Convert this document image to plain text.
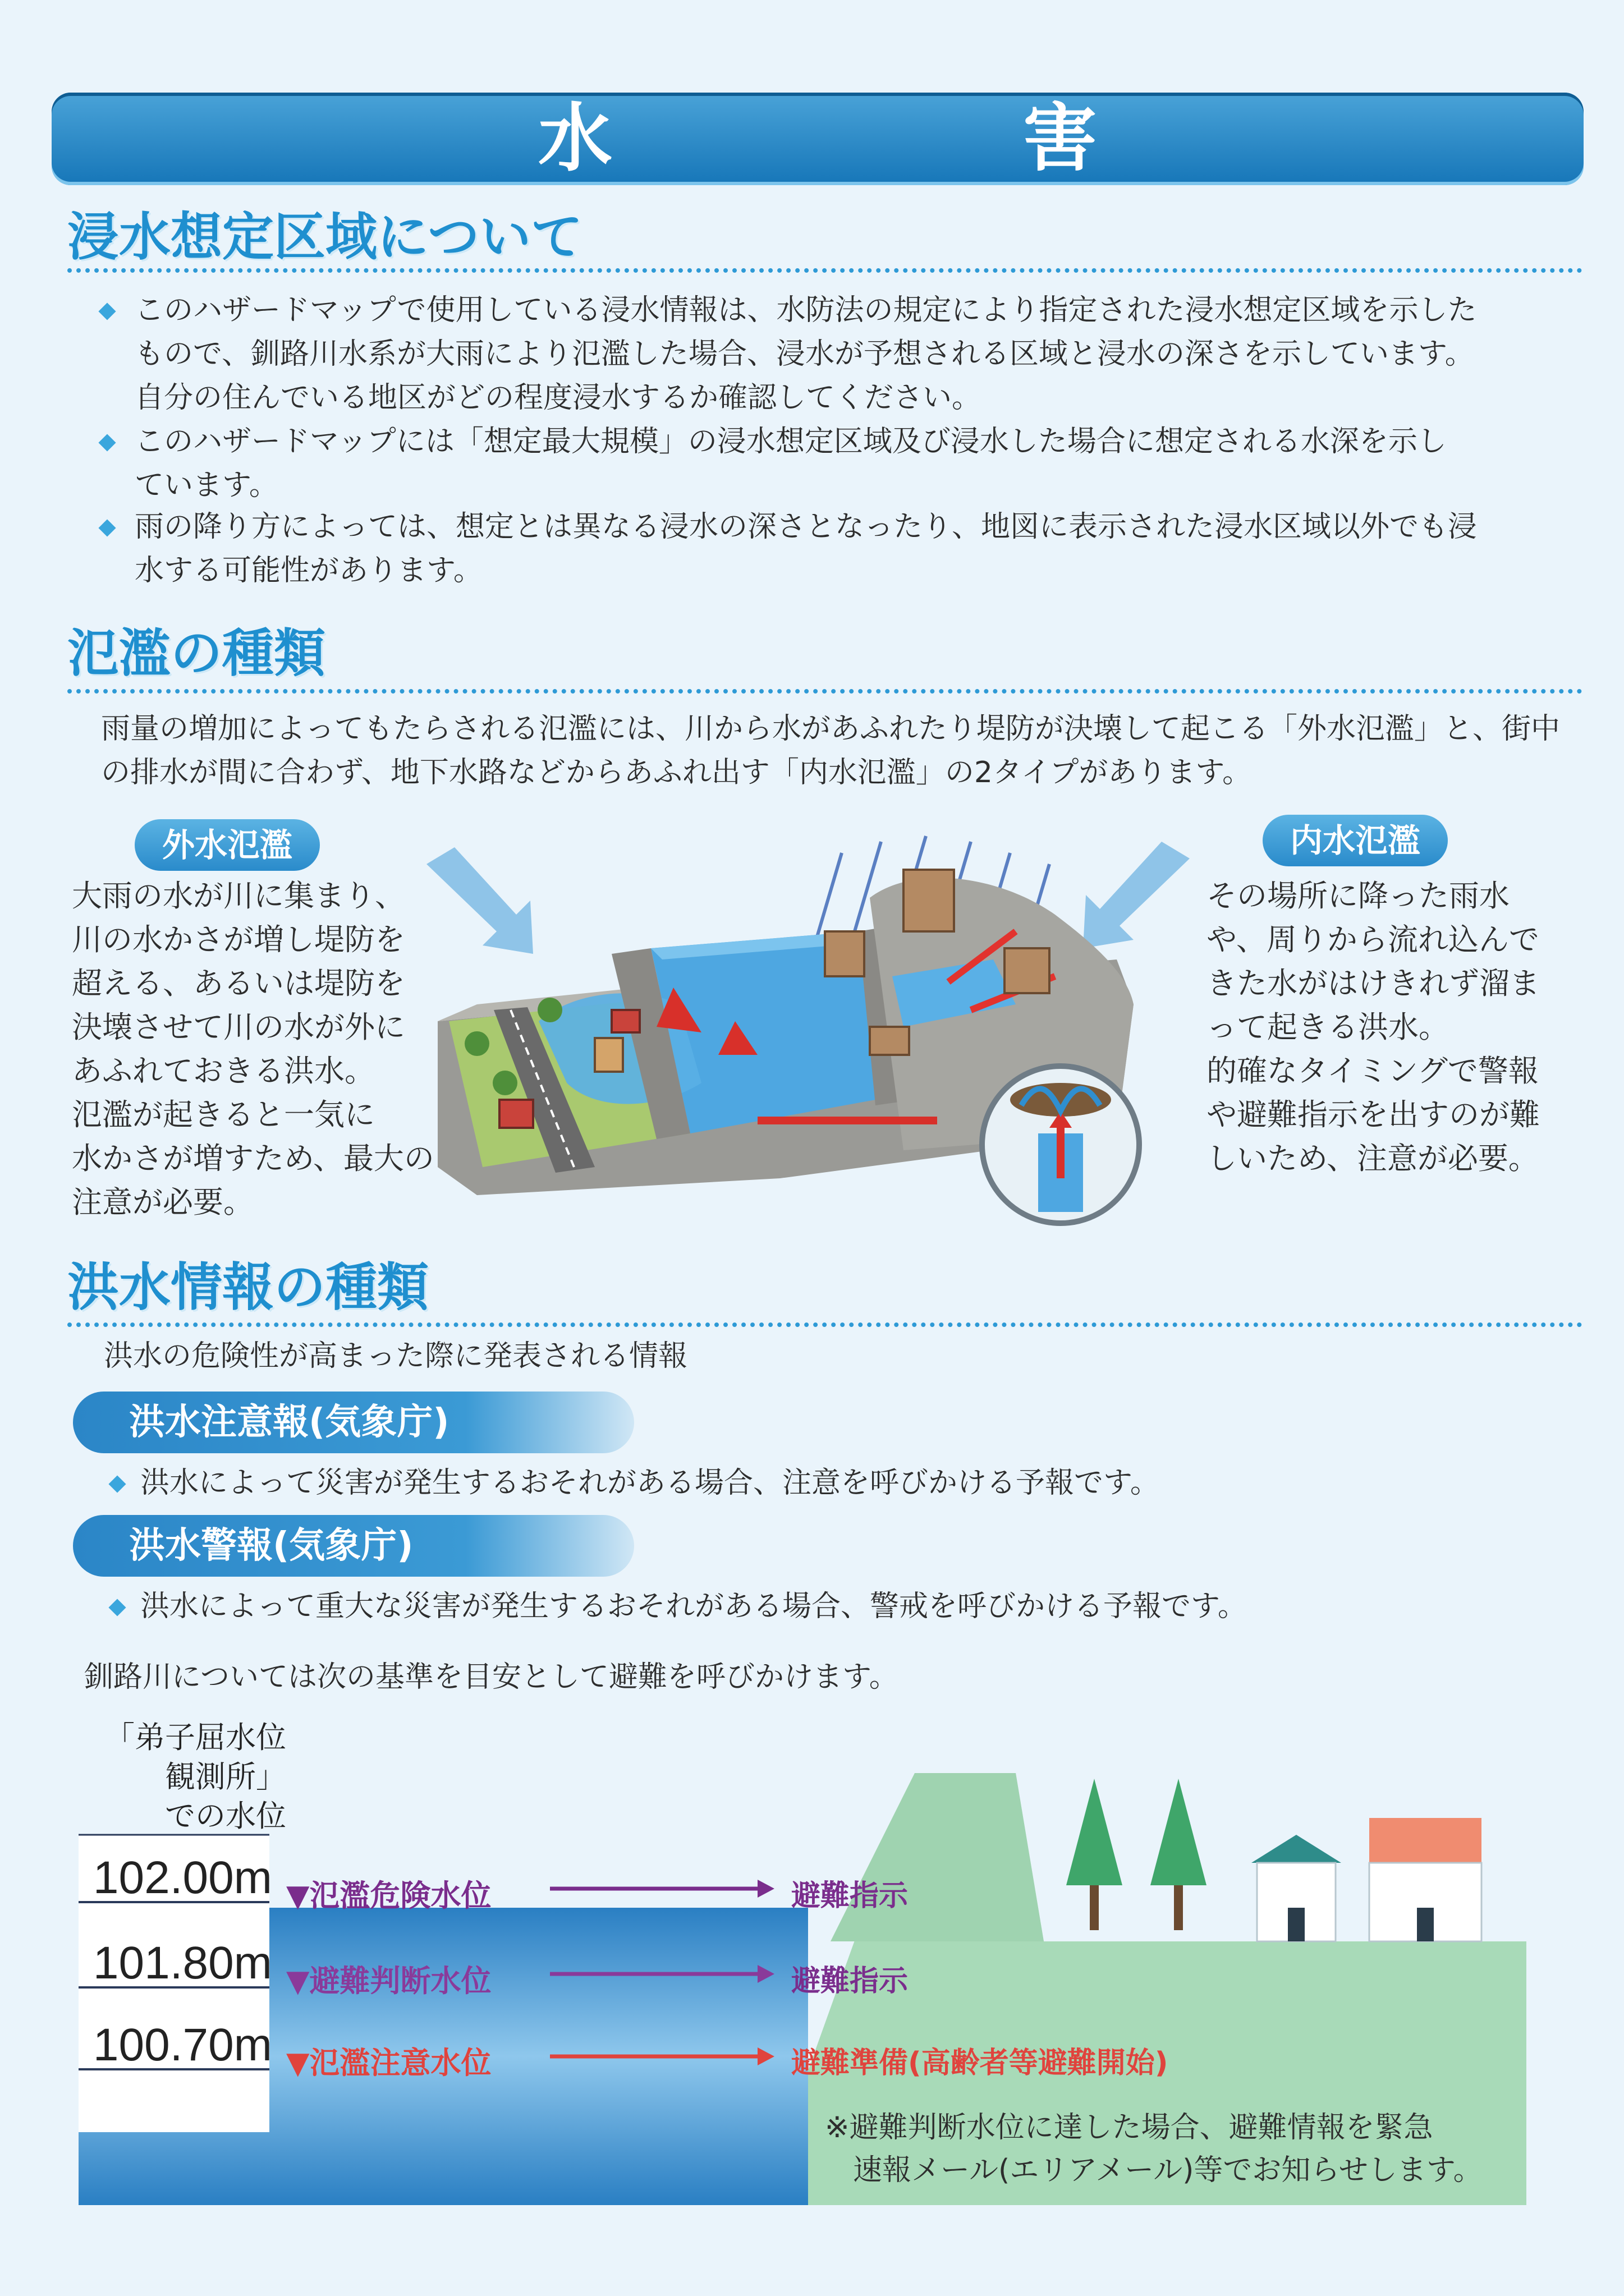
水　害
浸水想定区域について
このハザードマップで使用している浸水情報は、水防法の規定により指定された浸水想定区域を示した
もので、釧路川水系が大雨により氾濫した場合、浸水が予想される区域と浸水の深さを示しています。
自分の住んでいる地区がどの程度浸水するか確認してください。
このハザードマップには「想定最大規模」の浸水想定区域及び浸水した場合に想定される水深を示し
ています。
雨の降り方によっては、想定とは異なる浸水の深さとなったり、地図に表示された浸水区域以外でも浸
水する可能性があります。
氾濫の種類
雨量の増加によってもたらされる氾濫には、川から水があふれたり堤防が決壊して起こる「外水氾濫」と、街中
の排水が間に合わず、地下水路などからあふれ出す「内水氾濫」の2タイプがあります。
外水氾濫
大雨の水が川に集まり、
川の水かさが増し堤防を
超える、あるいは堤防を
決壊させて川の水が外に
あふれておきる洪水。
氾濫が起きると一気に
水かさが増すため、最大の
注意が必要。
内水氾濫
その場所に降った雨水
や、周りから流れ込んで
きた水がはけきれず溜ま
って起きる洪水。
的確なタイミングで警報
や避難指示を出すのが難
しいため、注意が必要。
洪水情報の種類
洪水の危険性が高まった際に発表される情報
洪水注意報(気象庁)
洪水によって災害が発生するおそれがある場合、注意を呼びかける予報です。
洪水警報(気象庁)
洪水によって重大な災害が発生するおそれがある場合、警戒を呼びかける予報です。
釧路川については次の基準を目安として避難を呼びかけます。
「弟子屈水位観測所」
での水位
102.00m
101.80m
100.70m
▼氾濫危険水位
▼避難判断水位
▼氾濫注意水位
避難指示
避難指示
避難準備(高齢者等避難開始)
※避難判断水位に達した場合、避難情報を緊急
速報メール(エリアメール)等でお知らせします。
